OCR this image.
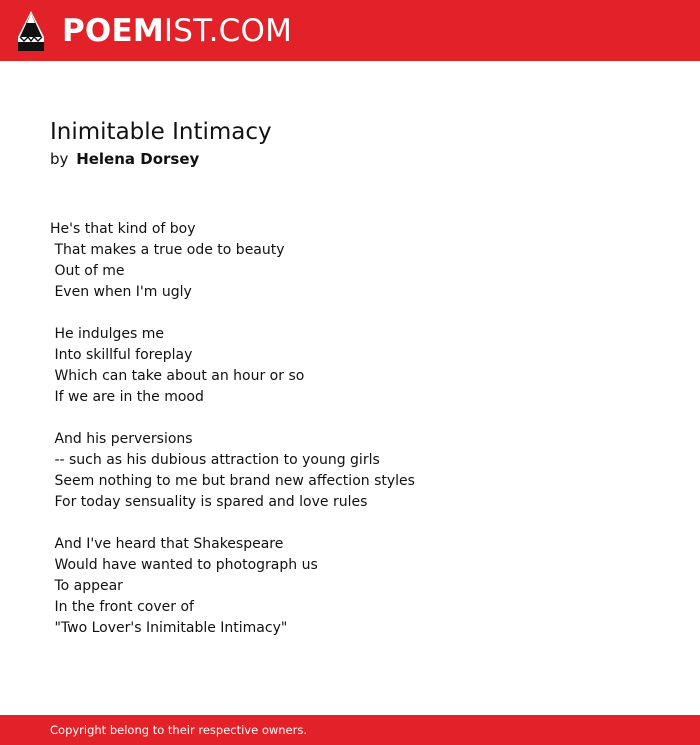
POEMIST.COM
Inimitable Intimacy
by Helena Dorsey
He's that kind of boy
That makes a true ode to beauty
Out of me
Even when I'm ugly
He indulges me
Into skillful foreplay
Which can take about an hour or so
If we are in the mood
And his perversions
-- such as his dubious attraction to young girls
Seem nothing to me but brand new affection styles
For today sensuality is spared and love rules
And I've heard that Shakespeare
Would have wanted to photograph us
To appear
In the front cover of
"Two Lover's Inimitable Intimacy"
Copyright belong to their respective owners.
